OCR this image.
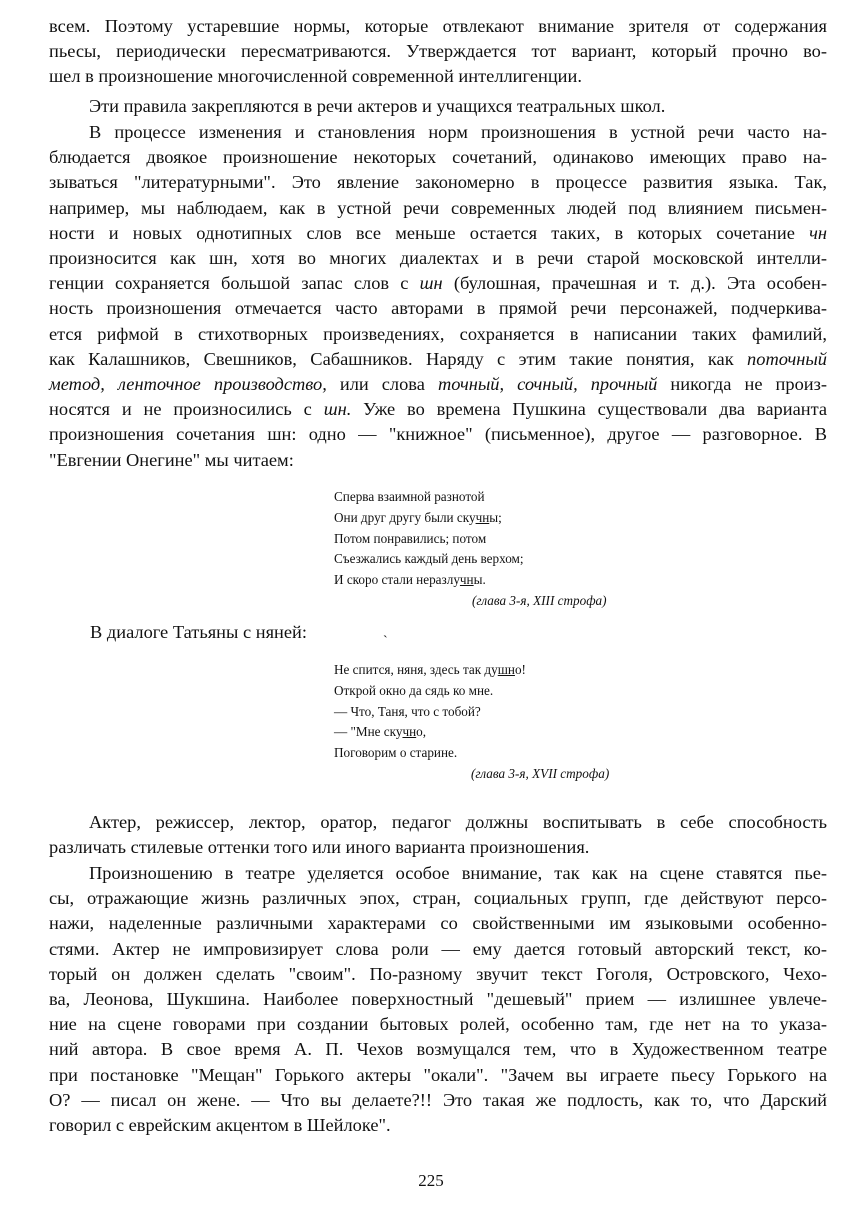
всем. Поэтому устаревшие нормы, которые отвлекают внимание зрителя от содержания
пьесы, периодически пересматриваются. Утверждается тот вариант, который прочно во-
шел в произношение многочисленной современной интеллигенции.
Эти правила закрепляются в речи актеров и учащихся театральных школ.
В процессе изменения и становления норм произношения в устной речи часто на-
блюдается двоякое произношение некоторых сочетаний, одинаково имеющих право на-
зываться "литературными". Это явление закономерно в процессе развития языка. Так,
например, мы наблюдаем, как в устной речи современных людей под влиянием письмен-
ности и новых однотипных слов все меньше остается таких, в которых сочетание чн
произносится как шн, хотя во многих диалектах и в речи старой московской интелли-
генции сохраняется большой запас слов с шн (булошная, прачешная и т. д.). Эта особен-
ность произношения отмечается часто авторами в прямой речи персонажей, подчеркива-
ется рифмой в стихотворных произведениях, сохраняется в написании таких фамилий,
как Калашников, Свешников, Сабашников. Наряду с этим такие понятия, как поточный
метод, ленточное производство, или слова точный, сочный, прочный никогда не произ-
носятся и не произносились с шн. Уже во времена Пушкина существовали два варианта
произношения сочетания шн: одно — "книжное" (письменное), другое — разговорное. В
"Евгении Онегине" мы читаем:
Сперва взаимной разнотой
Они друг другу были скучны;
Потом понравились; потом
Съезжались каждый день верхом;
И скоро стали неразлучны.
(глава 3-я, XIII строфа)
В диалоге Татьяны с няней:	˴
Не спится, няня, здесь так душно!
Открой окно да сядь ко мне.
— Что, Таня, что с тобой?
— "Мне скучно,
Поговорим о старине.
(глава 3-я, XVII строфа)
Актер, режиссер, лектор, оратор, педагог должны воспитывать в себе способность
различать стилевые оттенки того или иного варианта произношения.
Произношению в театре уделяется особое внимание, так как на сцене ставятся пье-
сы, отражающие жизнь различных эпох, стран, социальных групп, где действуют персо-
нажи, наделенные различными характерами со свойственными им языковыми особенно-
стями. Актер не импровизирует слова роли — ему дается готовый авторский текст, ко-
торый он должен сделать "своим". По-разному звучит текст Гоголя, Островского, Чехо-
ва, Леонова, Шукшина. Наиболее поверхностный "дешевый" прием — излишнее увлече-
ние на сцене говорами при создании бытовых ролей, особенно там, где нет на то указа-
ний автора. В свое время А. П. Чехов возмущался тем, что в Художественном театре
при постановке "Мещан" Горького актеры "окали". "Зачем вы играете пьесу Горького на
О? — писал он жене. — Что вы делаете?!! Это такая же подлость, как то, что Дарский
говорил с еврейским акцентом в Шейлоке".
225
